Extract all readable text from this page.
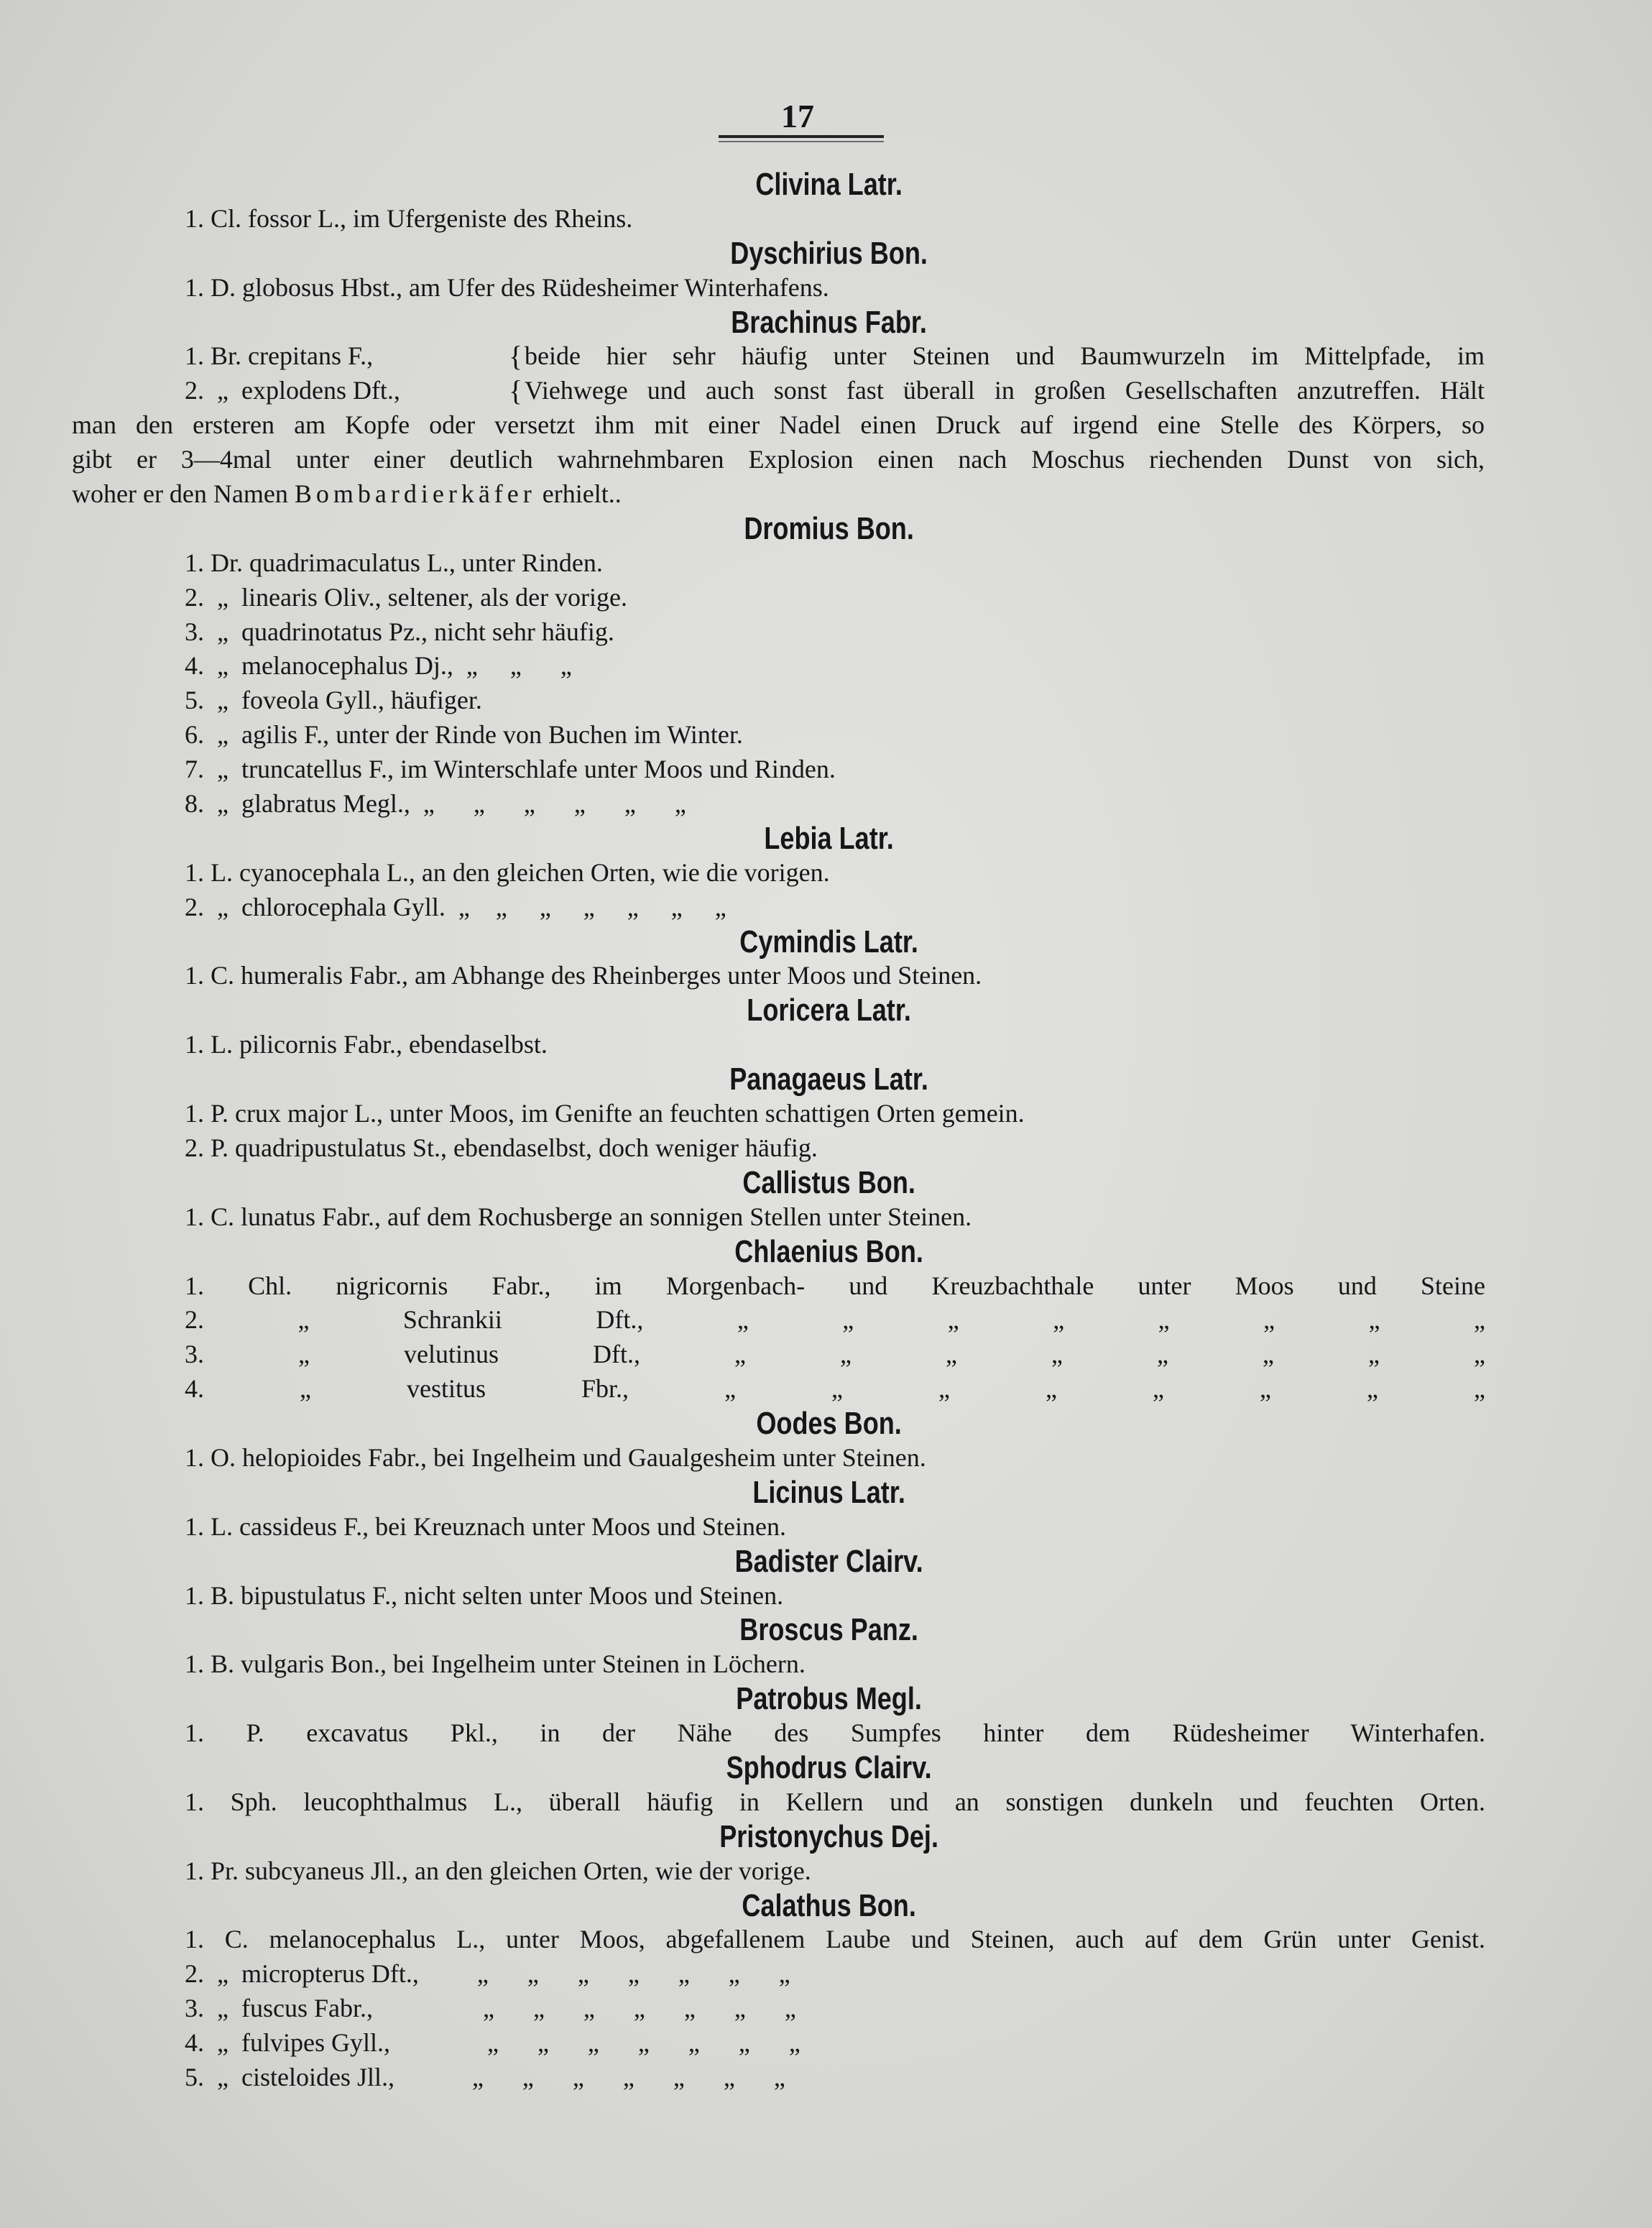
17
Clivina Latr.
1. Cl. fossor L., im Ufergeniste des Rheins.
Dyschirius Bon.
1. D. globosus Hbst., am Ufer des Rüdesheimer Winterhafens.
Brachinus Fabr.
1. Br. crepitans F.,	{ beide hier sehr häufig unter Steinen und Baumwurzeln im Mittelpfade, im
2.  „  explodens Dft.,	{ Viehwege und auch sonst fast überall in großen Gesellschaften anzutreffen. Hält
man den ersteren am Kopfe oder versetzt ihm mit einer Nadel einen Druck auf irgend eine Stelle des Körpers, so
gibt er 3—4mal unter einer deutlich wahrnehmbaren Explosion einen nach Moschus riechenden Dunst von sich,
woher er den Namen Bombardierkäfer erhielt..
Dromius Bon.
1. Dr. quadrimaculatus L., unter Rinden.
2.  „  linearis Oliv., seltener, als der vorige.
3.  „  quadrinotatus Pz., nicht sehr häufig.
4.  „  melanocephalus Dj.,  „     „      „
5.  „  foveola Gyll., häufiger.
6.  „  agilis F., unter der Rinde von Buchen im Winter.
7.  „  truncatellus F., im Winterschlafe unter Moos und Rinden.
8.  „  glabratus Megl.,  „      „      „      „      „      „
Lebia Latr.
1. L. cyanocephala L., an den gleichen Orten, wie die vorigen.
2.  „  chlorocephala Gyll.  „    „     „     „     „     „     „
Cymindis Latr.
1. C. humeralis Fabr., am Abhange des Rheinberges unter Moos und Steinen.
Loricera Latr.
1. L. pilicornis Fabr., ebendaselbst.
Panagaeus Latr.
1. P. crux major L., unter Moos, im Genifte an feuchten schattigen Orten gemein.
2. P. quadripustulatus St., ebendaselbst, doch weniger häufig.
Callistus Bon.
1. C. lunatus Fabr., auf dem Rochusberge an sonnigen Stellen unter Steinen.
Chlaenius Bon.
1. Chl. nigricornis Fabr., im Morgenbach- und Kreuzbachthale unter Moos und Steine
2. „ Schrankii Dft., „ „ „ „ „ „ „ „
3. „ velutinus Dft., „ „ „ „ „ „ „ „
4. „ vestitus Fbr., „ „ „ „ „ „ „ „
Oodes Bon.
1. O. helopioides Fabr., bei Ingelheim und Gaualgesheim unter Steinen.
Licinus Latr.
1. L. cassideus F., bei Kreuznach unter Moos und Steinen.
Badister Clairv.
1. B. bipustulatus F., nicht selten unter Moos und Steinen.
Broscus Panz.
1. B. vulgaris Bon., bei Ingelheim unter Steinen in Löchern.
Patrobus Megl.
1. P. excavatus Pkl., in der Nähe des Sumpfes hinter dem Rüdesheimer Winterhafen.
Sphodrus Clairv.
1. Sph. leucophthalmus L., überall häufig in Kellern und an sonstigen dunkeln und feuchten Orten.
Pristonychus Dej.
1. Pr. subcyaneus Jll., an den gleichen Orten, wie der vorige.
Calathus Bon.
1. C. melanocephalus L., unter Moos, abgefallenem Laube und Steinen, auch auf dem Grün unter Genist.
2.  „  micropterus Dft.,         „      „      „      „      „      „      „
3.  „  fuscus Fabr.,                 „      „      „      „      „      „      „
4.  „  fulvipes Gyll.,               „      „      „      „      „      „      „
5.  „  cisteloides Jll.,            „      „      „      „      „      „      „
